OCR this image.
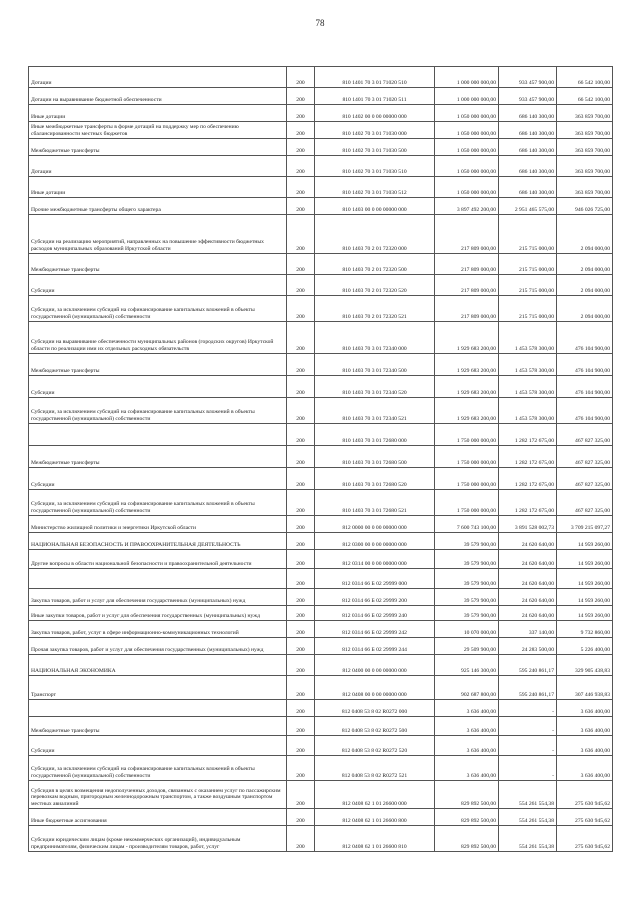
78
Дотации	200	810 1401 70 3 01 71020 510	1 000 000 000,00	933 457 900,00	66 542 100,00
Дотации на выравнивание бюджетной обеспеченности	200	810 1401 70 3 01 71020 511	1 000 000 000,00	933 457 900,00	66 542 100,00
Иные дотации	200	810 1402 00 0 00 00000 000	1 050 000 000,00	686 140 300,00	363 859 700,00
Иные межбюджетные трансферты в форме дотаций на поддержку мер по обеспечению сбалансированности местных бюджетов	200	810 1402 70 3 01 71030 000	1 050 000 000,00	686 140 300,00	363 859 700,00
Межбюджетные трансферты	200	810 1402 70 3 01 71030 500	1 050 000 000,00	686 140 300,00	363 859 700,00
Дотации	200	810 1402 70 3 01 71030 510	1 050 000 000,00	686 140 300,00	363 859 700,00
Иные дотации	200	810 1402 70 3 01 71030 512	1 050 000 000,00	686 140 300,00	363 859 700,00
Прочие межбюджетные трансферты общего характера	200	810 1403 00 0 00 00000 000	3 897 492 200,00	2 951 465 575,00	946 026 725,00
Субсидии на реализацию мероприятий, направленных на повышение эффективности бюджетных расходов муниципальных образований Иркутской области	200	810 1403 70 2 01 72320 000	217 809 000,00	215 715 000,00	2 094 000,00
Межбюджетные трансферты	200	810 1403 70 2 01 72320 500	217 809 000,00	215 715 000,00	2 094 000,00
Субсидии	200	810 1403 70 2 01 72320 520	217 809 000,00	215 715 000,00	2 094 000,00
Субсидии, за исключением субсидий на софинансирование капитальных вложений в объекты государственной (муниципальной) собственности	200	810 1403 70 2 01 72320 521	217 809 000,00	215 715 000,00	2 094 000,00
Субсидии на выравнивание обеспеченности муниципальных районов (городских округов) Иркутской области по реализации ими их отдельных расходных обязательств	200	810 1403 70 3 01 72340 000	1 929 683 200,00	1 453 578 300,00	476 104 900,00
Межбюджетные трансферты	200	810 1403 70 3 01 72340 500	1 929 683 200,00	1 453 578 300,00	476 104 900,00
Субсидии	200	810 1403 70 3 01 72340 520	1 929 683 200,00	1 453 578 300,00	476 104 900,00
Субсидии, за исключением субсидий на софинансирование капитальных вложений в объекты государственной (муниципальной) собственности	200	810 1403 70 3 01 72340 521	1 929 683 200,00	1 453 578 300,00	476 104 900,00
	200	810 1403 70 3 01 72680 000	1 750 000 000,00	1 282 172 675,00	467 827 325,00
Межбюджетные трансферты	200	810 1403 70 3 01 72680 500	1 750 000 000,00	1 282 172 675,00	467 827 325,00
Субсидии	200	810 1403 70 3 01 72680 520	1 750 000 000,00	1 282 172 675,00	467 827 325,00
Субсидии, за исключением субсидий на софинансирование капитальных вложений в объекты государственной (муниципальной) собственности	200	810 1403 70 3 01 72680 521	1 750 000 000,00	1 282 172 675,00	467 827 325,00
Министерство жилищной политики и энергетики Иркутской области	200	812 0000 00 0 00 00000 000	7 600 743 100,00	3 891 528 002,73	3 709 215 097,27
НАЦИОНАЛЬНАЯ БЕЗОПАСНОСТЬ И ПРАВООХРАНИТЕЛЬНАЯ ДЕЯТЕЛЬНОСТЬ	200	812 0300 00 0 00 00000 000	39 579 900,00	24 620 640,00	14 959 260,00
Другие вопросы в области национальной безопасности и правоохранительной деятельности	200	812 0314 00 0 00 00000 000	39 579 900,00	24 620 640,00	14 959 260,00
	200	812 0314 66 Б 02 29999 000	39 579 900,00	24 620 640,00	14 959 260,00
Закупка товаров, работ и услуг для обеспечения государственных (муниципальных) нужд	200	812 0314 66 Б 02 29999 200	39 579 900,00	24 620 640,00	14 959 260,00
Иные закупки товаров, работ и услуг для обеспечения государственных (муниципальных) нужд	200	812 0314 66 Б 02 29999 240	39 579 900,00	24 620 640,00	14 959 260,00
Закупка товаров, работ, услуг в сфере информационно-коммуникационных технологий	200	812 0314 66 Б 02 29999 242	10 070 000,00	337 140,00	9 732 860,00
Прочая закупка товаров, работ и услуг для обеспечения государственных (муниципальных) нужд	200	812 0314 66 Б 02 29999 244	29 509 900,00	24 283 500,00	5 226 400,00
НАЦИОНАЛЬНАЯ ЭКОНОМИКА	200	812 0400 00 0 00 00000 000	925 146 300,00	595 240 861,17	329 905 438,83
Транспорт	200	812 0408 00 0 00 00000 000	902 687 800,00	595 240 861,17	307 446 938,83
	200	812 0408 53 8 02 R0272 000	3 636 400,00	-	3 636 400,00
Межбюджетные трансферты	200	812 0408 53 8 02 R0272 500	3 636 400,00	-	3 636 400,00
Субсидии	200	812 0408 53 8 02 R0272 520	3 636 400,00	-	3 636 400,00
Субсидии, за исключением субсидий на софинансирование капитальных вложений в объекты государственной (муниципальной) собственности	200	812 0408 53 8 02 R0272 521	3 636 400,00	-	3 636 400,00
Субсидия в целях возмещения недополученных доходов, связанных с оказанием услуг по пассажирским перевозкам водным, пригородным железнодорожным транспортом, а также воздушным транспортом местных авиалиний	200	812 0408 62 1 01 26600 000	829 892 500,00	554 261 554,38	275 630 945,62
Иные бюджетные ассигнования	200	812 0408 62 1 01 26600 800	829 892 500,00	554 261 554,38	275 630 945,62
Субсидии юридическим лицам (кроме некоммерческих организаций), индивидуальным предпринимателям, физическим лицам - производителям товаров, работ, услуг	200	812 0408 62 1 01 26600 810	829 892 500,00	554 261 554,38	275 630 945,62
